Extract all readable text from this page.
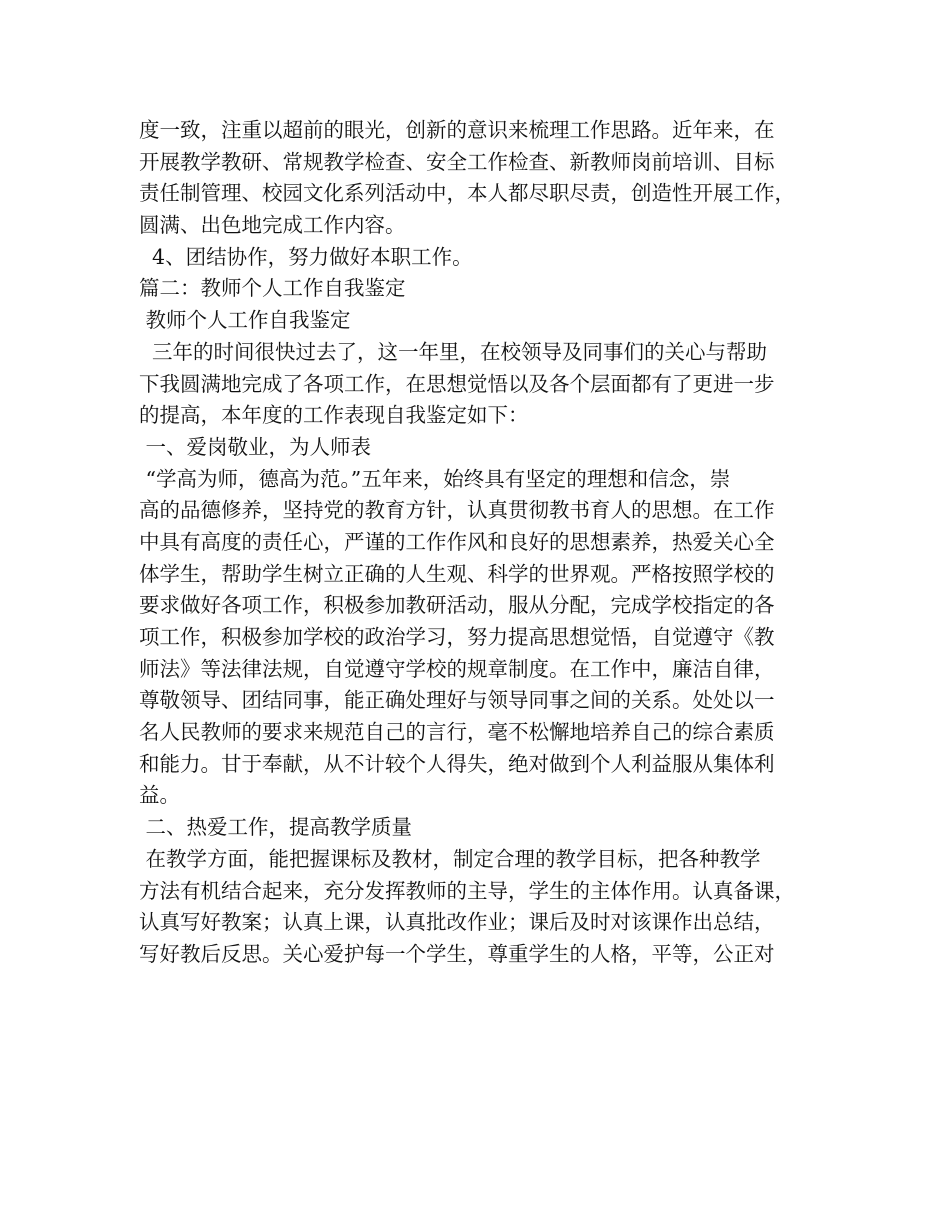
度一致，注重以超前的眼光，创新的意识来梳理工作思路。近年来，在
开展教学教研、常规教学检查、安全工作检查、新教师岗前培训、目标
责任制管理、校园文化系列活动中，本人都尽职尽责，创造性开展工作，
圆满、出色地完成工作内容。
4、团结协作，努力做好本职工作。
篇二：教师个人工作自我鉴定
教师个人工作自我鉴定
三年的时间很快过去了，这一年里，在校领导及同事们的关心与帮助
下我圆满地完成了各项工作，在思想觉悟以及各个层面都有了更进一步
的提高，本年度的工作表现自我鉴定如下：
一、爱岗敬业，为人师表
“学高为师，德高为范。”五年来，始终具有坚定的理想和信念，崇
高的品德修养，坚持党的教育方针，认真贯彻教书育人的思想。在工作
中具有高度的责任心，严谨的工作作风和良好的思想素养，热爱关心全
体学生，帮助学生树立正确的人生观、科学的世界观。严格按照学校的
要求做好各项工作，积极参加教研活动，服从分配，完成学校指定的各
项工作，积极参加学校的政治学习，努力提高思想觉悟，自觉遵守《教
师法》等法律法规，自觉遵守学校的规章制度。在工作中，廉洁自律，
尊敬领导、团结同事，能正确处理好与领导同事之间的关系。处处以一
名人民教师的要求来规范自己的言行，毫不松懈地培养自己的综合素质
和能力。甘于奉献，从不计较个人得失，绝对做到个人利益服从集体利
益。
二、热爱工作，提高教学质量
在教学方面，能把握课标及教材，制定合理的教学目标，把各种教学
方法有机结合起来，充分发挥教师的主导，学生的主体作用。认真备课，
认真写好教案；认真上课，认真批改作业；课后及时对该课作出总结，
写好教后反思。关心爱护每一个学生，尊重学生的人格，平等，公正对
